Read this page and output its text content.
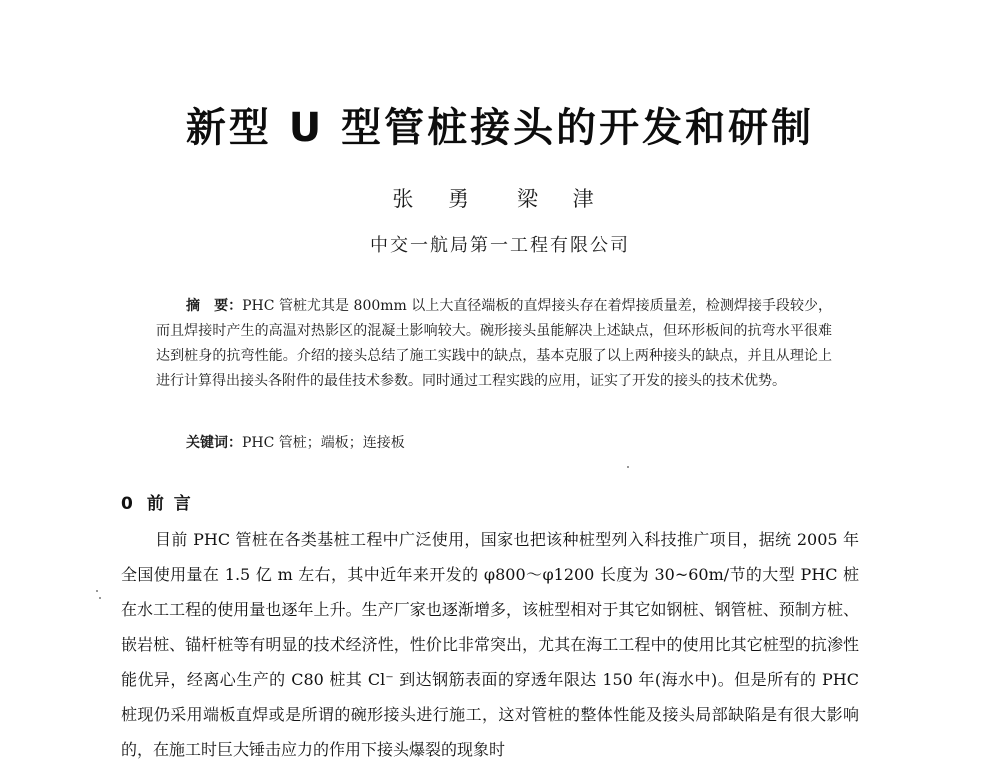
新型 U 型管桩接头的开发和研制
张 勇 梁 津
中交一航局第一工程有限公司
摘　要：PHC 管桩尤其是 800mm 以上大直径端板的直焊接头存在着焊接质量差，检测焊接手段较少，而且焊接时产生的高温对热影区的混凝土影响较大。碗形接头虽能解决上述缺点，但环形板间的抗弯水平很难达到桩身的抗弯性能。介绍的接头总结了施工实践中的缺点，基本克服了以上两种接头的缺点，并且从理论上进行计算得出接头各附件的最佳技术参数。同时通过工程实践的应用，证实了开发的接头的技术优势。
关键词：PHC 管桩；端板；连接板
0 前 言
目前 PHC 管桩在各类基桩工程中广泛使用，国家也把该种桩型列入科技推广项目，据统 2005 年全国使用量在 1.5 亿 m 左右，其中近年来开发的 φ800～φ1200 长度为 30~60m/节的大型 PHC 桩在水工工程的使用量也逐年上升。生产厂家也逐渐增多，该桩型相对于其它如钢桩、钢管桩、预制方桩、嵌岩桩、锚杆桩等有明显的技术经济性，性价比非常突出，尤其在海工工程中的使用比其它桩型的抗渗性能优异，经离心生产的 C80 桩其 Cl⁻ 到达钢筋表面的穿透年限达 150 年(海水中)。但是所有的 PHC 桩现仍采用端板直焊或是所谓的碗形接头进行施工，这对管桩的整体性能及接头局部缺陷是有很大影响的，在施工时巨大锤击应力的作用下接头爆裂的现象时
